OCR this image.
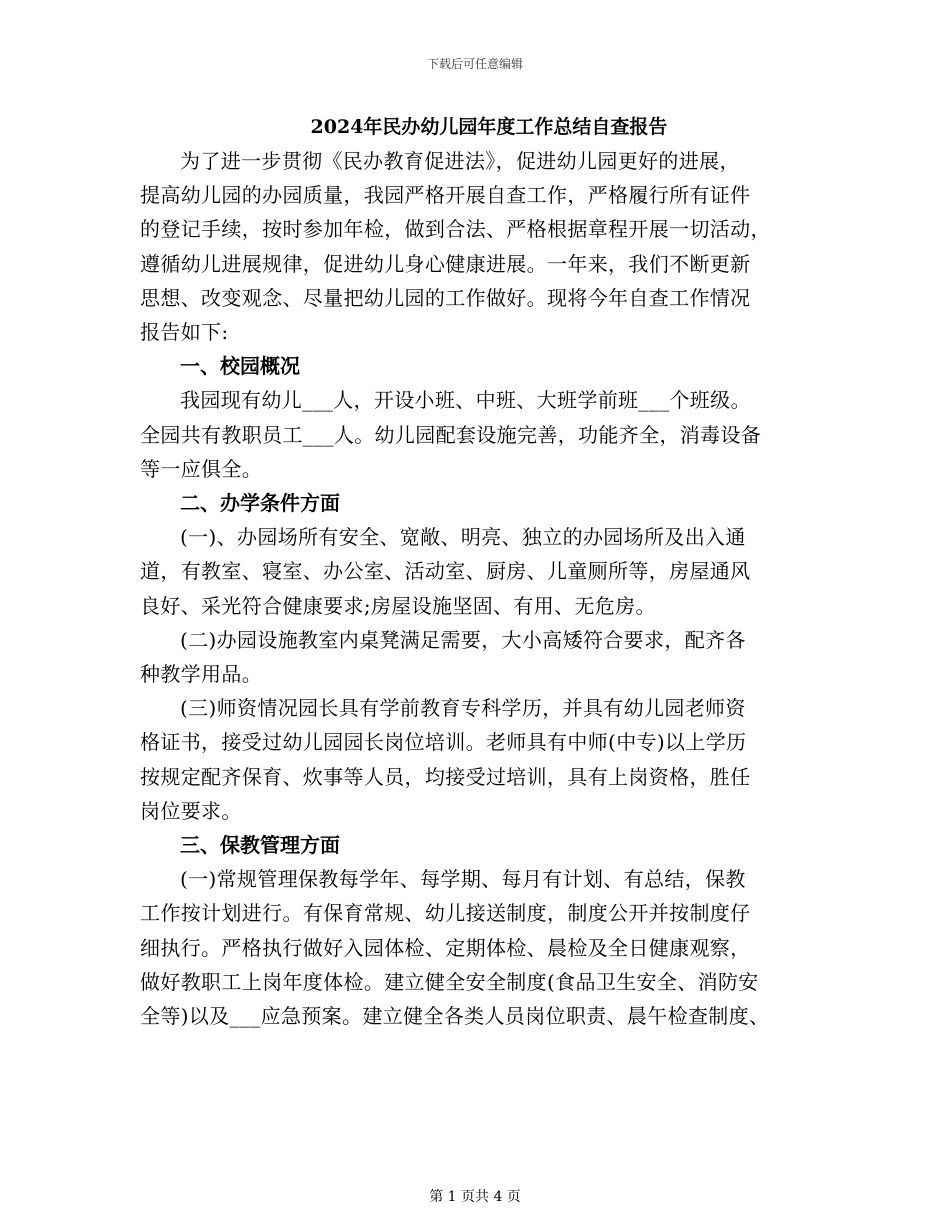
下载后可任意编辑
2024年民办幼儿园年度工作总结自查报告
为了进一步贯彻《民办教育促进法》，促进幼儿园更好的进展，
提高幼儿园的办园质量，我园严格开展自查工作，严格履行所有证件
的登记手续，按时参加年检，做到合法、严格根据章程开展一切活动，
遵循幼儿进展规律，促进幼儿身心健康进展。一年来，我们不断更新
思想、改变观念、尽量把幼儿园的工作做好。现将今年自查工作情况
报告如下:
一、校园概况
我园现有幼儿___人，开设小班、中班、大班学前班___个班级。
全园共有教职员工___人。幼儿园配套设施完善，功能齐全，消毒设备
等一应俱全。
二、办学条件方面
(一)、办园场所有安全、宽敞、明亮、独立的办园场所及出入通
道，有教室、寝室、办公室、活动室、厨房、儿童厕所等，房屋通风
良好、采光符合健康要求;房屋设施坚固、有用、无危房。
(二)办园设施教室内桌凳满足需要，大小高矮符合要求，配齐各
种教学用品。
(三)师资情况园长具有学前教育专科学历，并具有幼儿园老师资
格证书，接受过幼儿园园长岗位培训。老师具有中师(中专)以上学历
按规定配齐保育、炊事等人员，均接受过培训，具有上岗资格，胜任
岗位要求。
三、保教管理方面
(一)常规管理保教每学年、每学期、每月有计划、有总结，保教
工作按计划进行。有保育常规、幼儿接送制度，制度公开并按制度仔
细执行。严格执行做好入园体检、定期体检、晨检及全日健康观察，
做好教职工上岗年度体检。建立健全安全制度(食品卫生安全、消防安
全等)以及___应急预案。建立健全各类人员岗位职责、晨午检查制度、
第 1 页共 4 页
